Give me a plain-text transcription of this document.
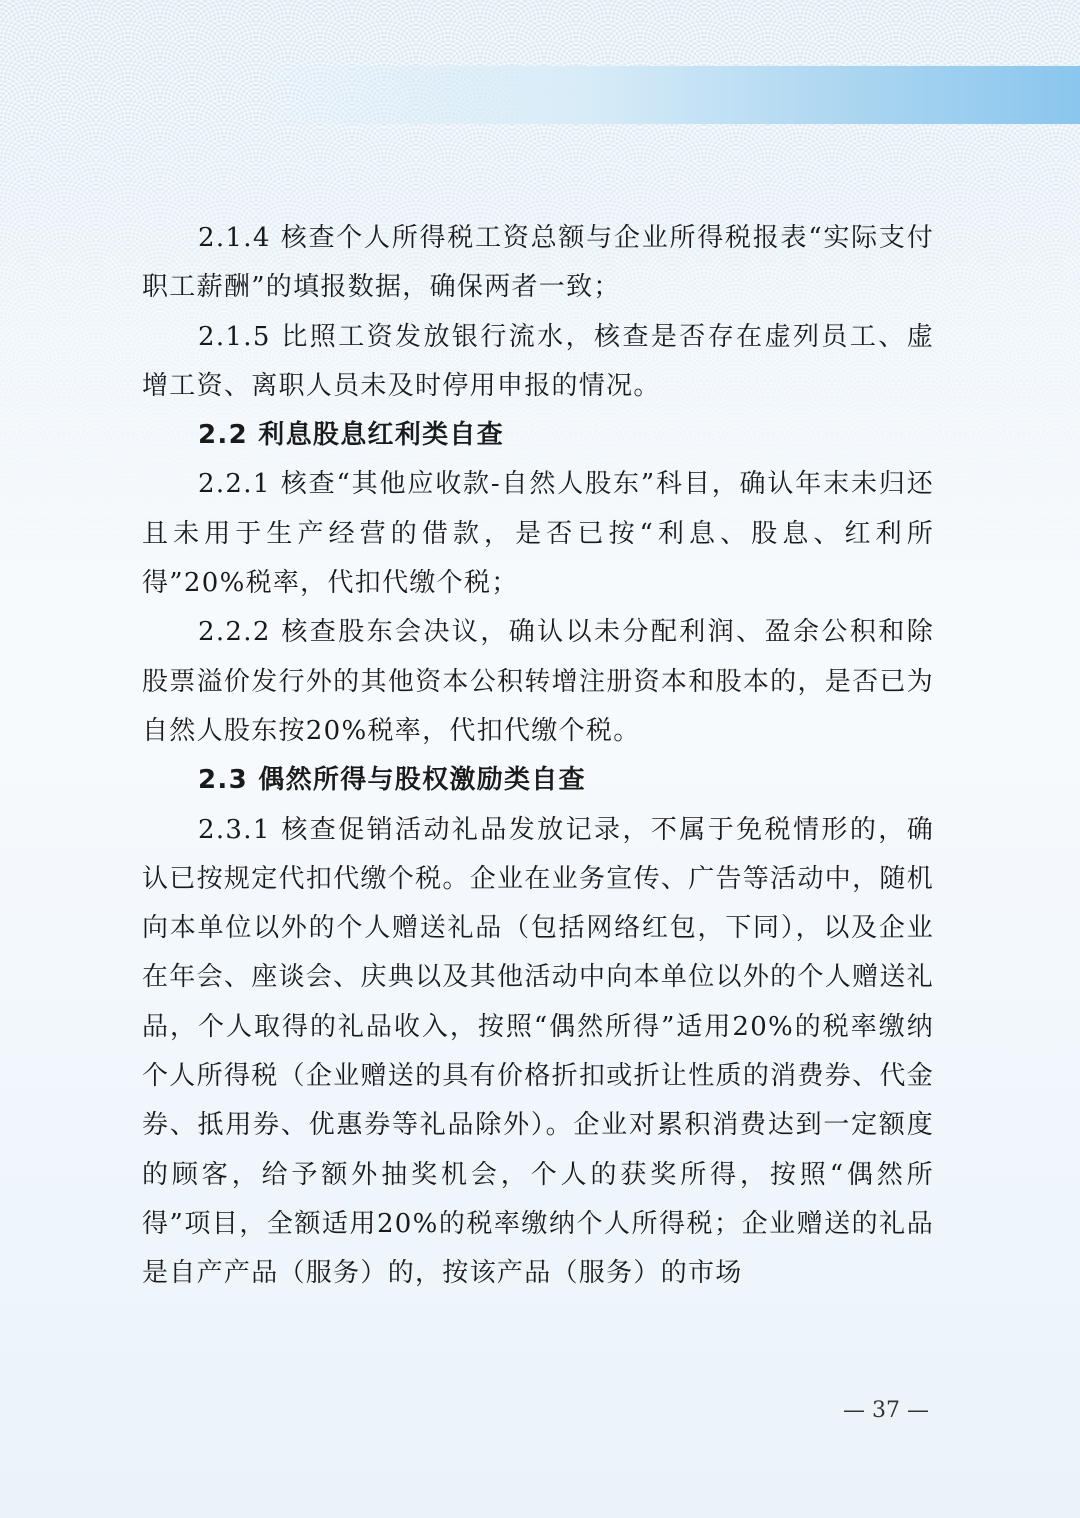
2.1.4 核查个人所得税工资总额与企业所得税报表“实际支付职工薪酬”的填报数据，确保两者一致；

2.1.5 比照工资发放银行流水，核查是否存在虚列员工、虚增工资、离职人员未及时停用申报的情况。

2.2 利息股息红利类自查

2.2.1 核查“其他应收款-自然人股东”科目，确认年末未归还且未用于生产经营的借款，是否已按“利息、股息、红利所得”20%税率，代扣代缴个税；

2.2.2 核查股东会决议，确认以未分配利润、盈余公积和除股票溢价发行外的其他资本公积转增注册资本和股本的，是否已为自然人股东按20%税率，代扣代缴个税。

2.3 偶然所得与股权激励类自查

2.3.1 核查促销活动礼品发放记录，不属于免税情形的，确认已按规定代扣代缴个税。企业在业务宣传、广告等活动中，随机向本单位以外的个人赠送礼品（包括网络红包，下同），以及企业在年会、座谈会、庆典以及其他活动中向本单位以外的个人赠送礼品，个人取得的礼品收入，按照“偶然所得”适用20%的税率缴纳个人所得税（企业赠送的具有价格折扣或折让性质的消费券、代金券、抵用券、优惠券等礼品除外）。企业对累积消费达到一定额度的顾客，给予额外抽奖机会，个人的获奖所得，按照“偶然所得”项目，全额适用20%的税率缴纳个人所得税；企业赠送的礼品是自产产品（服务）的，按该产品（服务）的市场

— 37 —
